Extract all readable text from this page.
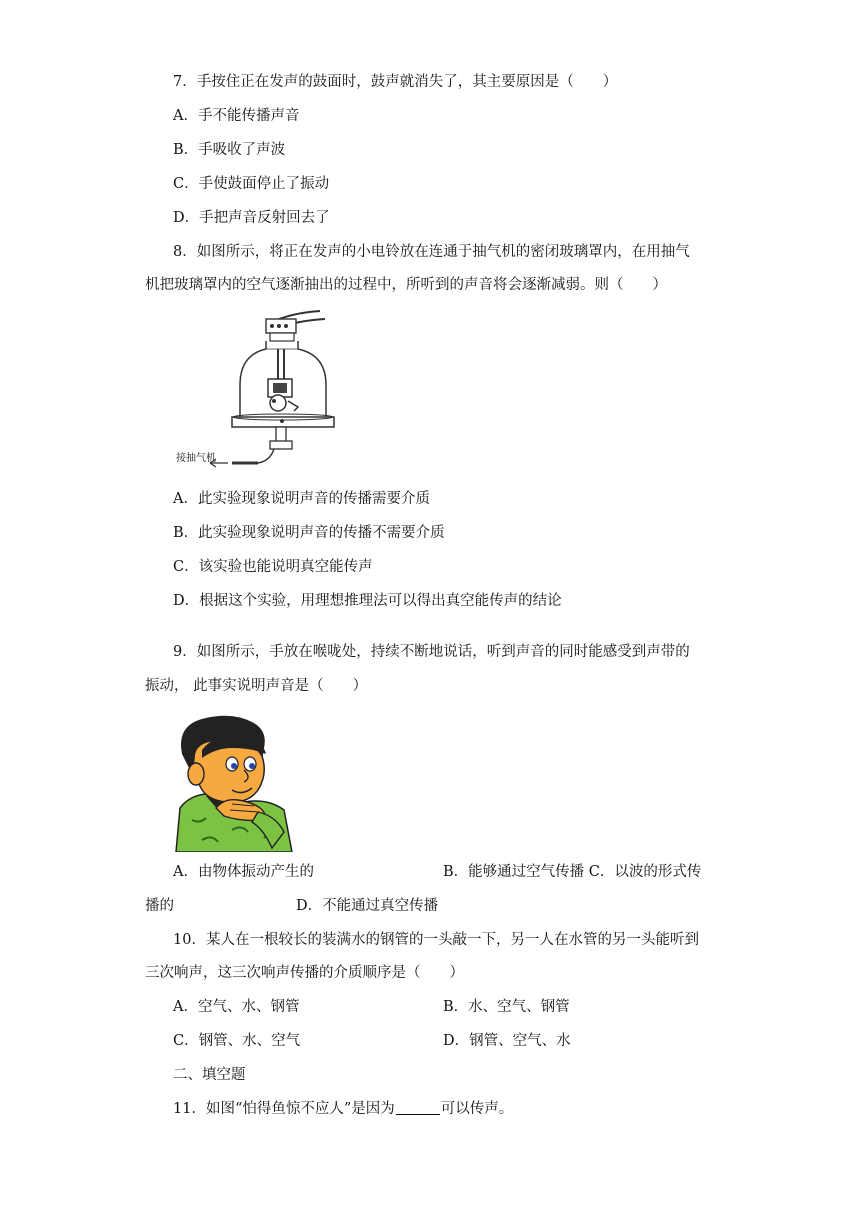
7．手按住正在发声的鼓面时，鼓声就消失了，其主要原因是（　　）
A．手不能传播声音
B．手吸收了声波
C．手使鼓面停止了振动
D．手把声音反射回去了
8．如图所示，将正在发声的小电铃放在连通于抽气机的密闭玻璃罩内，在用抽气
机把玻璃罩内的空气逐渐抽出的过程中，所听到的声音将会逐渐减弱。则（　　）
接抽气机
A．此实验现象说明声音的传播需要介质
B．此实验现象说明声音的传播不需要介质
C．该实验也能说明真空能传声
D．根据这个实验，用理想推理法可以得出真空能传声的结论
9．如图所示，手放在喉咙处，持续不断地说话，听到声音的同时能感受到声带的
振动， 此事实说明声音是（　　）
A．由物体振动产生的	B．能够通过空气传播 C．以波的形式传
播的	D．不能通过真空传播
10．某人在一根较长的装满水的钢管的一头敲一下，另一人在水管的另一头能听到
三次响声，这三次响声传播的介质顺序是（　　）
A．空气、水、钢管	B．水、空气、钢管
C．钢管、水、空气	D．钢管、空气、水
二、填空题
11．如图“怕得鱼惊不应人”是因为	可以传声。
